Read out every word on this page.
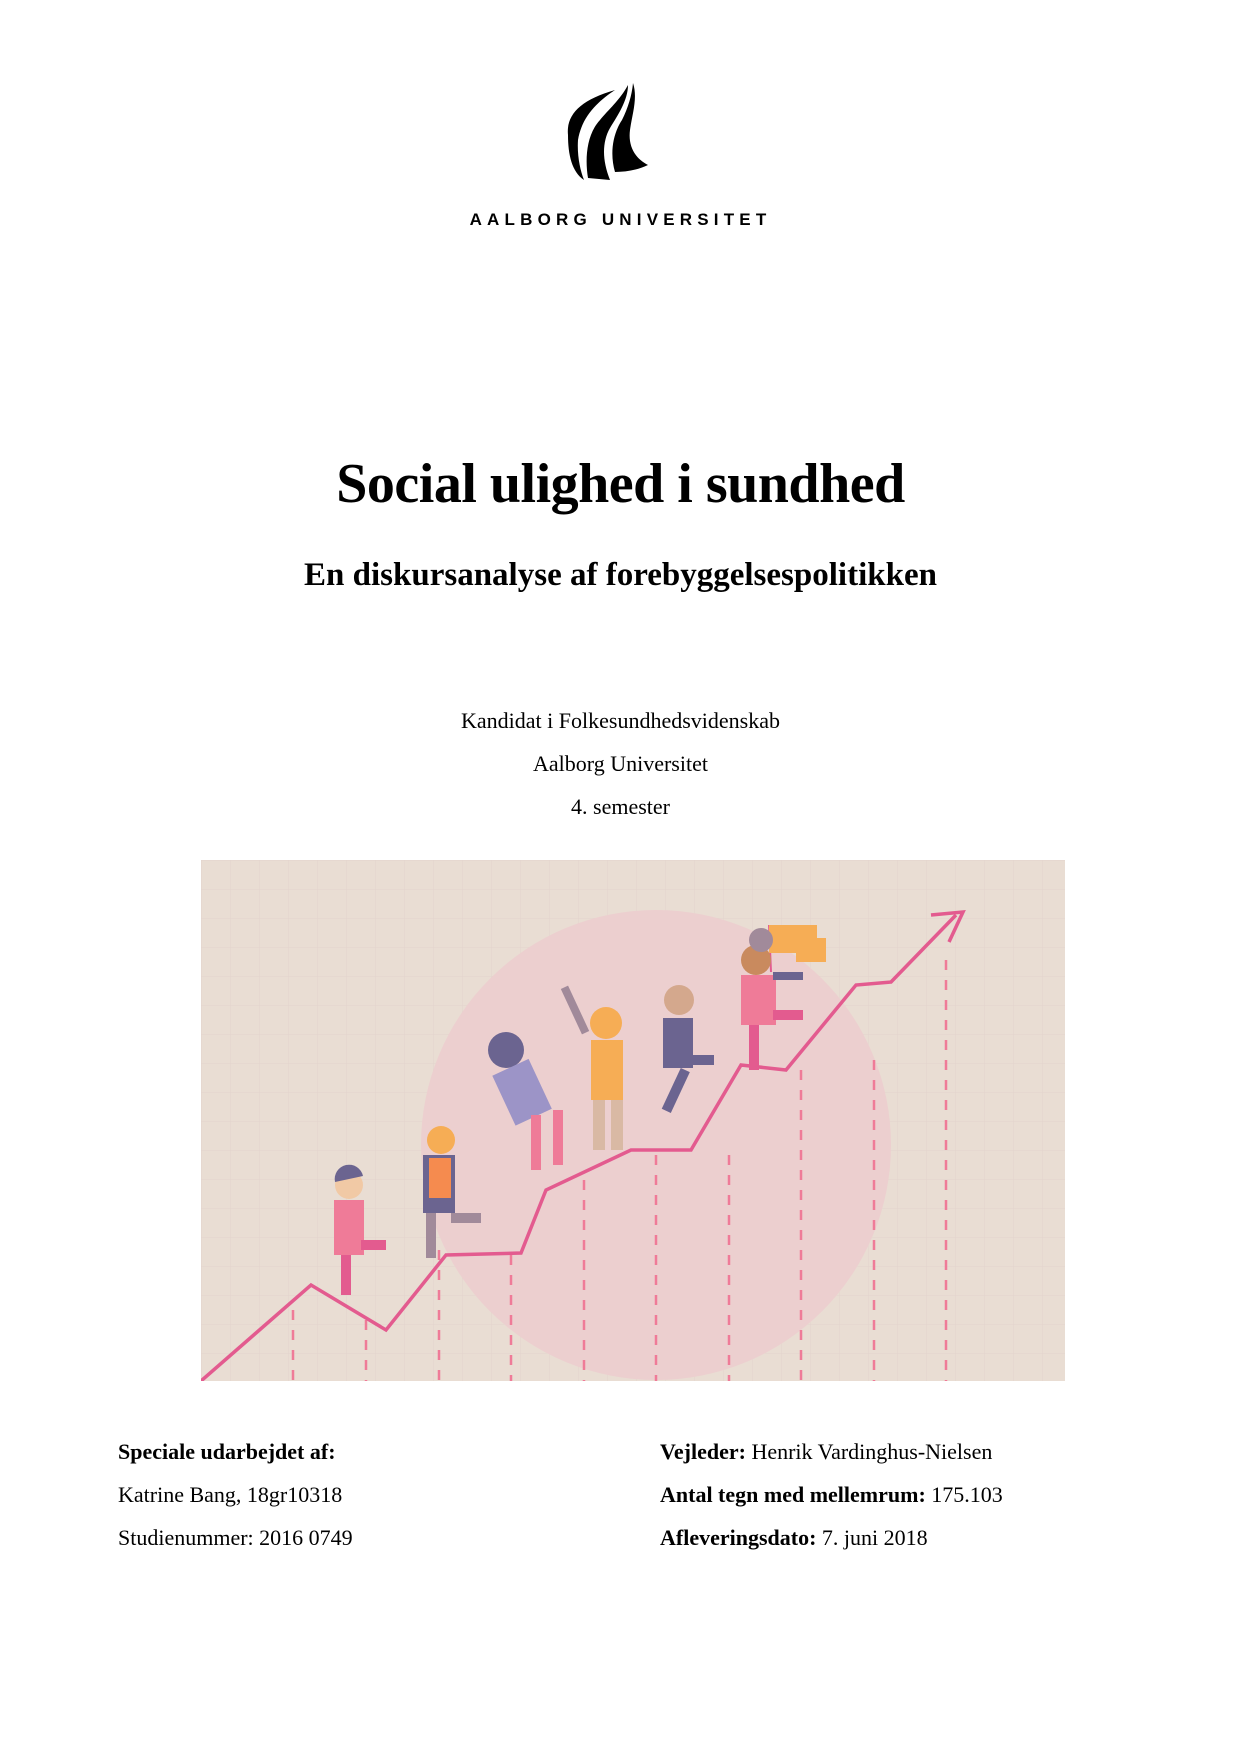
AALBORG UNIVERSITET
Social ulighed i sundhed
En diskursanalyse af forebyggelsespolitikken
Kandidat i Folkesundhedsvidenskab
Aalborg Universitet
4. semester
Speciale udarbejdet af:
Katrine Bang, 18gr10318
Studienummer: 2016 0749
Vejleder: Henrik Vardinghus-Nielsen
Antal tegn med mellemrum: 175.103
Afleveringsdato: 7. juni 2018
